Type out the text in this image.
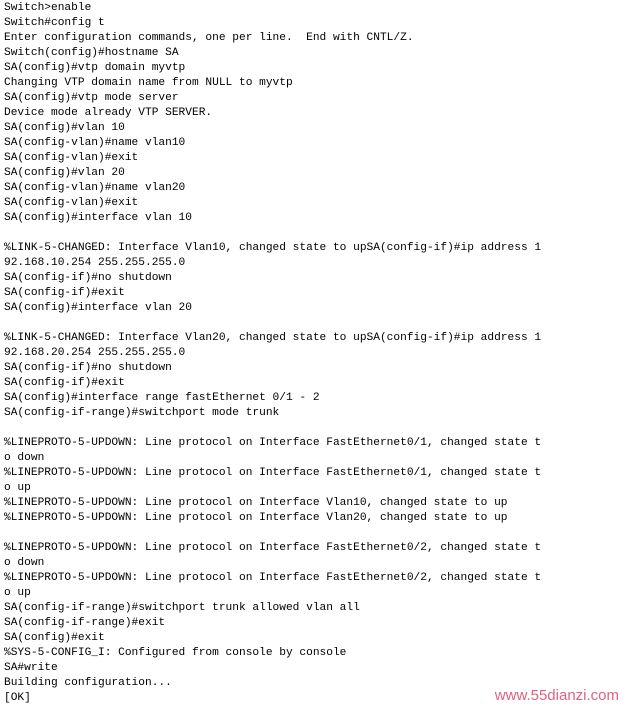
Switch>enable
Switch#config t
Enter configuration commands, one per line.  End with CNTL/Z.
Switch(config)#hostname SA
SA(config)#vtp domain myvtp
Changing VTP domain name from NULL to myvtp
SA(config)#vtp mode server
Device mode already VTP SERVER.
SA(config)#vlan 10
SA(config-vlan)#name vlan10
SA(config-vlan)#exit
SA(config)#vlan 20
SA(config-vlan)#name vlan20
SA(config-vlan)#exit
SA(config)#interface vlan 10
%LINK-5-CHANGED: Interface Vlan10, changed state to upSA(config-if)#ip address 1
92.168.10.254 255.255.255.0
SA(config-if)#no shutdown
SA(config-if)#exit
SA(config)#interface vlan 20
%LINK-5-CHANGED: Interface Vlan20, changed state to upSA(config-if)#ip address 1
92.168.20.254 255.255.255.0
SA(config-if)#no shutdown
SA(config-if)#exit
SA(config)#interface range fastEthernet 0/1 - 2
SA(config-if-range)#switchport mode trunk
%LINEPROTO-5-UPDOWN: Line protocol on Interface FastEthernet0/1, changed state t
o down
%LINEPROTO-5-UPDOWN: Line protocol on Interface FastEthernet0/1, changed state t
o up
%LINEPROTO-5-UPDOWN: Line protocol on Interface Vlan10, changed state to up
%LINEPROTO-5-UPDOWN: Line protocol on Interface Vlan20, changed state to up
%LINEPROTO-5-UPDOWN: Line protocol on Interface FastEthernet0/2, changed state t
o down
%LINEPROTO-5-UPDOWN: Line protocol on Interface FastEthernet0/2, changed state t
o up
SA(config-if-range)#switchport trunk allowed vlan all
SA(config-if-range)#exit
SA(config)#exit
%SYS-5-CONFIG_I: Configured from console by console
SA#write
Building configuration...
[OK]	www.55dianzi.com
